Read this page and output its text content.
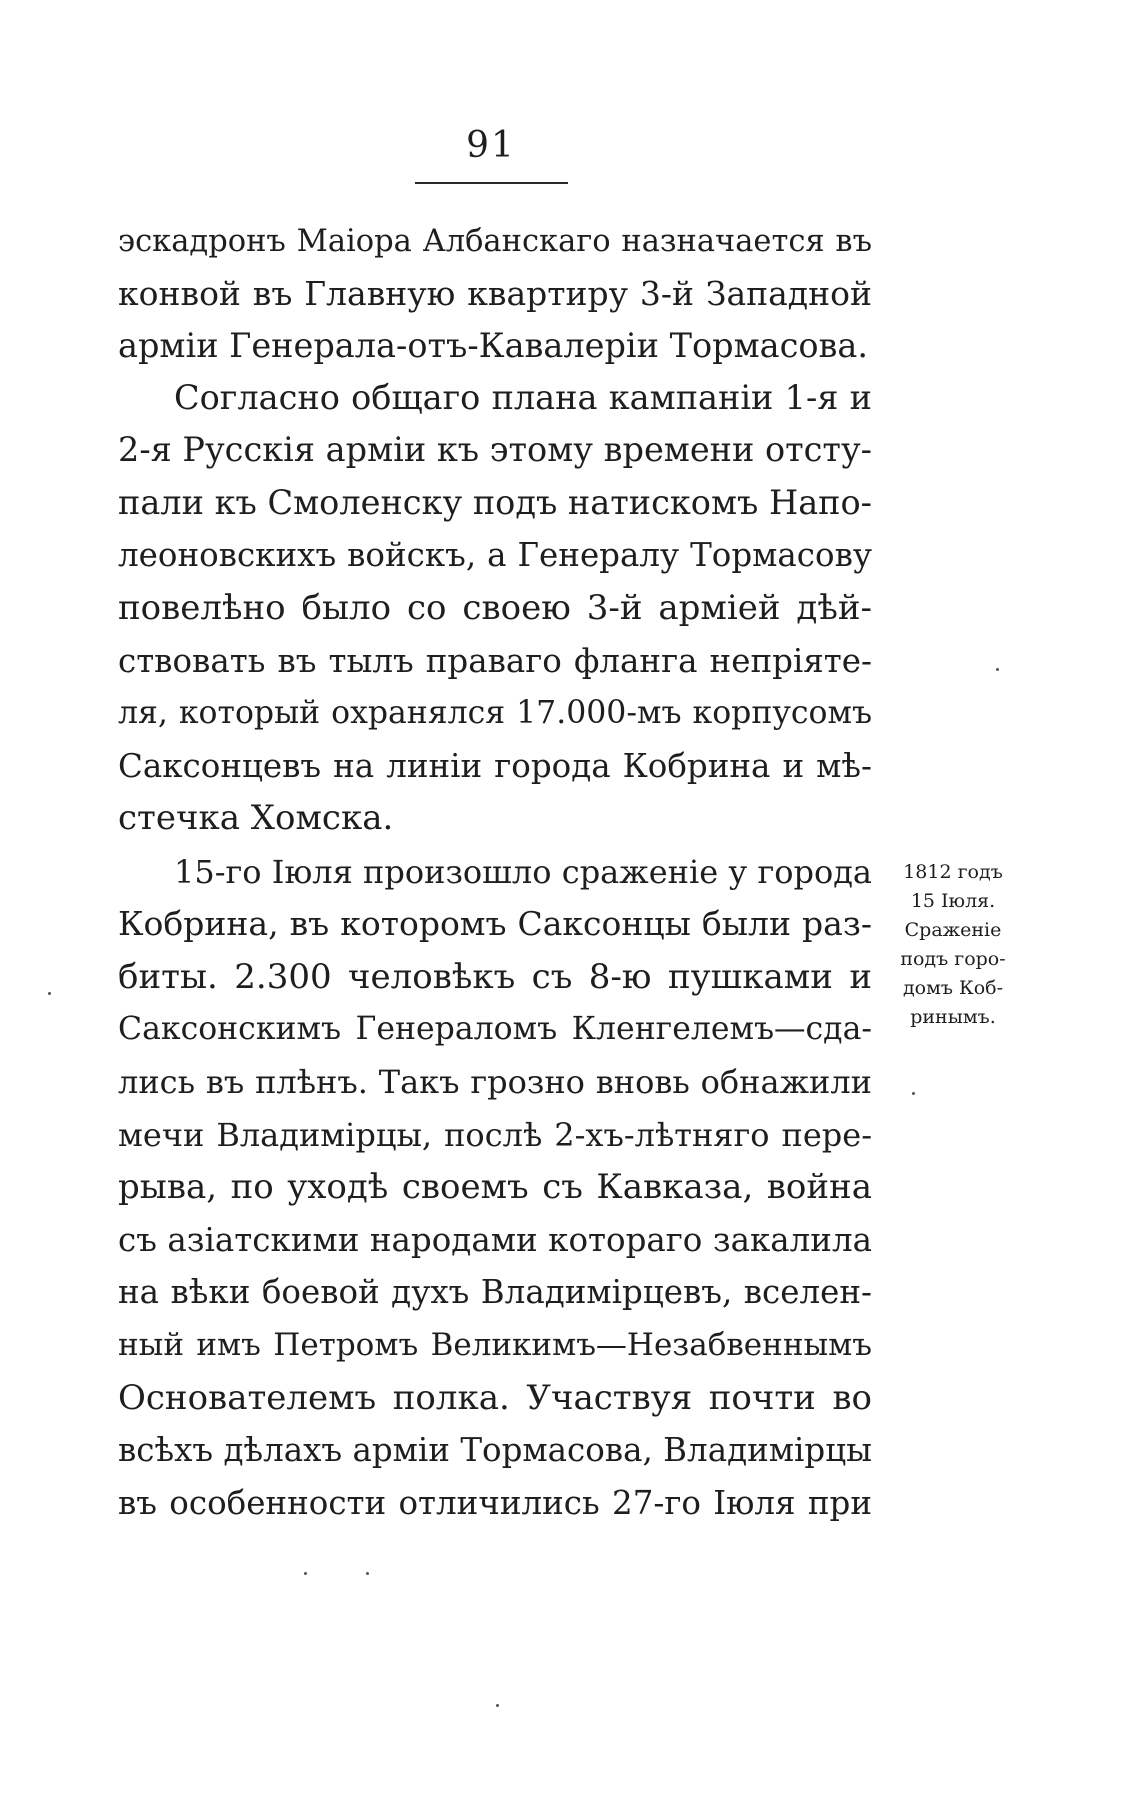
91
эскадронъ Маіора Албанскаго назначается въ
конвой въ Главную квартиру 3-й Западной
арміи Генерала-отъ-Кавалеріи Тормасова.
Согласно общаго плана кампаніи 1-я и
2-я Русскія арміи къ этому времени отсту-
пали къ Смоленску подъ натискомъ Напо-
леоновскихъ войскъ, а Генералу Тормасову
повелѣно было со своею 3-й арміей дѣй-
ствовать въ тылъ праваго фланга непріяте-
ля, который охранялся 17.000-мъ корпусомъ
Саксонцевъ на линіи города Кобрина и мѣ-
стечка Хомска.
15-го Іюля произошло сраженіе у города
Кобрина, въ которомъ Саксонцы были раз-
биты. 2.300 человѣкъ съ 8-ю пушками и
Саксонскимъ Генераломъ Кленгелемъ—сда-
лись въ плѣнъ. Такъ грозно вновь обнажили
мечи Владимірцы, послѣ 2-хъ-лѣтняго пере-
рыва, по уходѣ своемъ съ Кавказа, война
съ азіатскими народами котораго закалила
на вѣки боевой духъ Владимірцевъ, вселен-
ный имъ Петромъ Великимъ—Незабвеннымъ
Основателемъ полка. Участвуя почти во
всѣхъ дѣлахъ арміи Тормасова, Владимірцы
въ особенности отличились 27-го Іюля при
1812 годъ
15 Іюля.
Сраженіе
подъ горо-
домъ Коб-
ринымъ.
